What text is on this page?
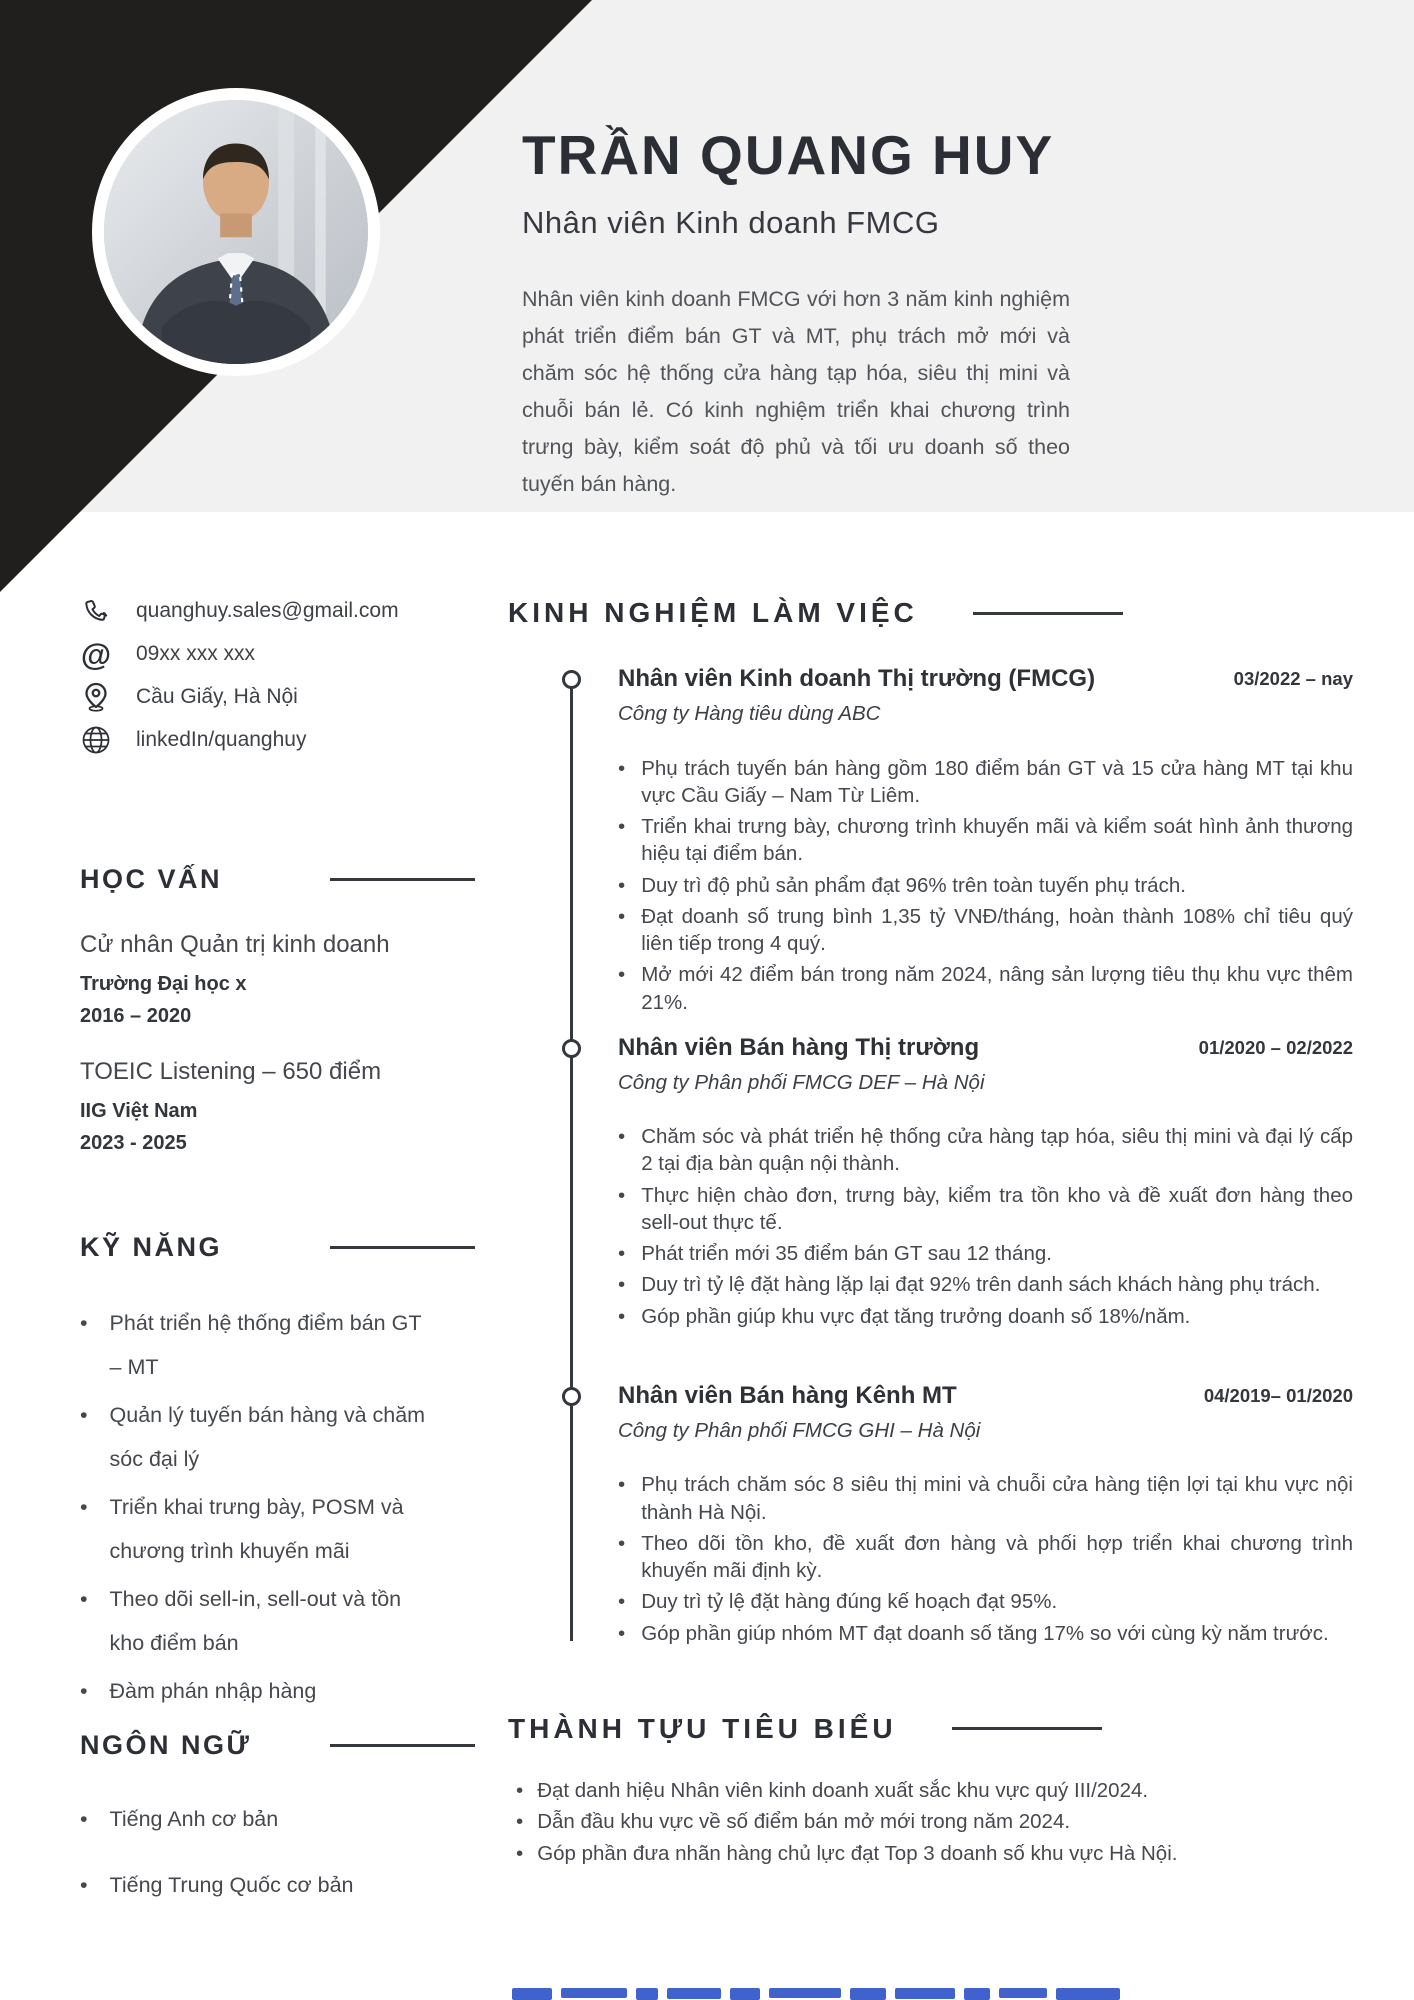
TRẦN QUANG HUY
Nhân viên Kinh doanh FMCG
Nhân viên kinh doanh FMCG với hơn 3 năm kinh nghiệm phát triển điểm bán GT và MT, phụ trách mở mới và chăm sóc hệ thống cửa hàng tạp hóa, siêu thị mini và chuỗi bán lẻ. Có kinh nghiệm triển khai chương trình trưng bày, kiểm soát độ phủ và tối ưu doanh số theo tuyến bán hàng.
quanghuy.sales@gmail.com
@ 09xx xxx xxx
Cầu Giấy, Hà Nội
linkedIn/quanghuy
HỌC VẤN
Cử nhân Quản trị kinh doanh
Trường Đại học x
2016 – 2020
TOEIC Listening – 650 điểm
IIG Việt Nam
2023 - 2025
KỸ NĂNG
• Phát triển hệ thống điểm bán GT – MT
• Quản lý tuyến bán hàng và chăm sóc đại lý
• Triển khai trưng bày, POSM và chương trình khuyến mãi
• Theo dõi sell-in, sell-out và tồn kho điểm bán
• Đàm phán nhập hàng
NGÔN NGỮ
• Tiếng Anh cơ bản
• Tiếng Trung Quốc cơ bản
KINH NGHIỆM LÀM VIỆC
Nhân viên Kinh doanh Thị trường (FMCG)	03/2022 – nay
Công ty Hàng tiêu dùng ABC
• Phụ trách tuyến bán hàng gồm 180 điểm bán GT và 15 cửa hàng MT tại khu vực Cầu Giấy – Nam Từ Liêm.
• Triển khai trưng bày, chương trình khuyến mãi và kiểm soát hình ảnh thương hiệu tại điểm bán.
• Duy trì độ phủ sản phẩm đạt 96% trên toàn tuyến phụ trách.
• Đạt doanh số trung bình 1,35 tỷ VNĐ/tháng, hoàn thành 108% chỉ tiêu quý liên tiếp trong 4 quý.
• Mở mới 42 điểm bán trong năm 2024, nâng sản lượng tiêu thụ khu vực thêm 21%.
Nhân viên Bán hàng Thị trường	01/2020 – 02/2022
Công ty Phân phối FMCG DEF – Hà Nội
• Chăm sóc và phát triển hệ thống cửa hàng tạp hóa, siêu thị mini và đại lý cấp 2 tại địa bàn quận nội thành.
• Thực hiện chào đơn, trưng bày, kiểm tra tồn kho và đề xuất đơn hàng theo sell-out thực tế.
• Phát triển mới 35 điểm bán GT sau 12 tháng.
• Duy trì tỷ lệ đặt hàng lặp lại đạt 92% trên danh sách khách hàng phụ trách.
• Góp phần giúp khu vực đạt tăng trưởng doanh số 18%/năm.
Nhân viên Bán hàng Kênh MT	04/2019– 01/2020
Công ty Phân phối FMCG GHI – Hà Nội
• Phụ trách chăm sóc 8 siêu thị mini và chuỗi cửa hàng tiện lợi tại khu vực nội thành Hà Nội.
• Theo dõi tồn kho, đề xuất đơn hàng và phối hợp triển khai chương trình khuyến mãi định kỳ.
• Duy trì tỷ lệ đặt hàng đúng kế hoạch đạt 95%.
• Góp phần giúp nhóm MT đạt doanh số tăng 17% so với cùng kỳ năm trước.
THÀNH TỰU TIÊU BIỂU
• Đạt danh hiệu Nhân viên kinh doanh xuất sắc khu vực quý III/2024.
• Dẫn đầu khu vực về số điểm bán mở mới trong năm 2024.
• Góp phần đưa nhãn hàng chủ lực đạt Top 3 doanh số khu vực Hà Nội.
